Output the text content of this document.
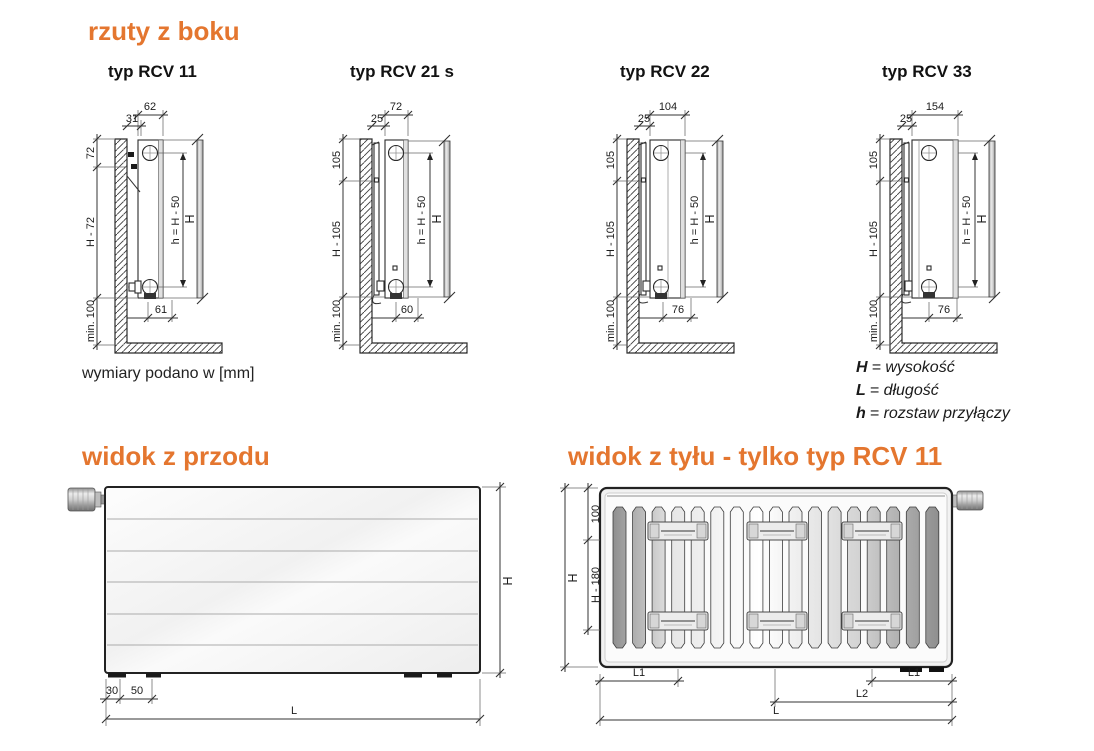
rzuty z boku
typ RCV 11	typ RCV 21 s	typ RCV 22	typ RCV 33
wymiary podano w [mm]	H = wysokość
L = długość
h = rozstaw przyłączy
widok z przodu	widok z tyłu - tylko typ RCV 11
62
31
72
H - 72
min. 100
h = H - 50 H
61
72
25
105
H - 105
min. 100
h = H - 50 H
60
104
25
105
H - 105
min. 100
h = H - 50 H
76
154
25
105
H - 105
min. 100
h = H - 50 H
76
H
30 50
L
H
100
H - 180
L1	L1
L2
L
